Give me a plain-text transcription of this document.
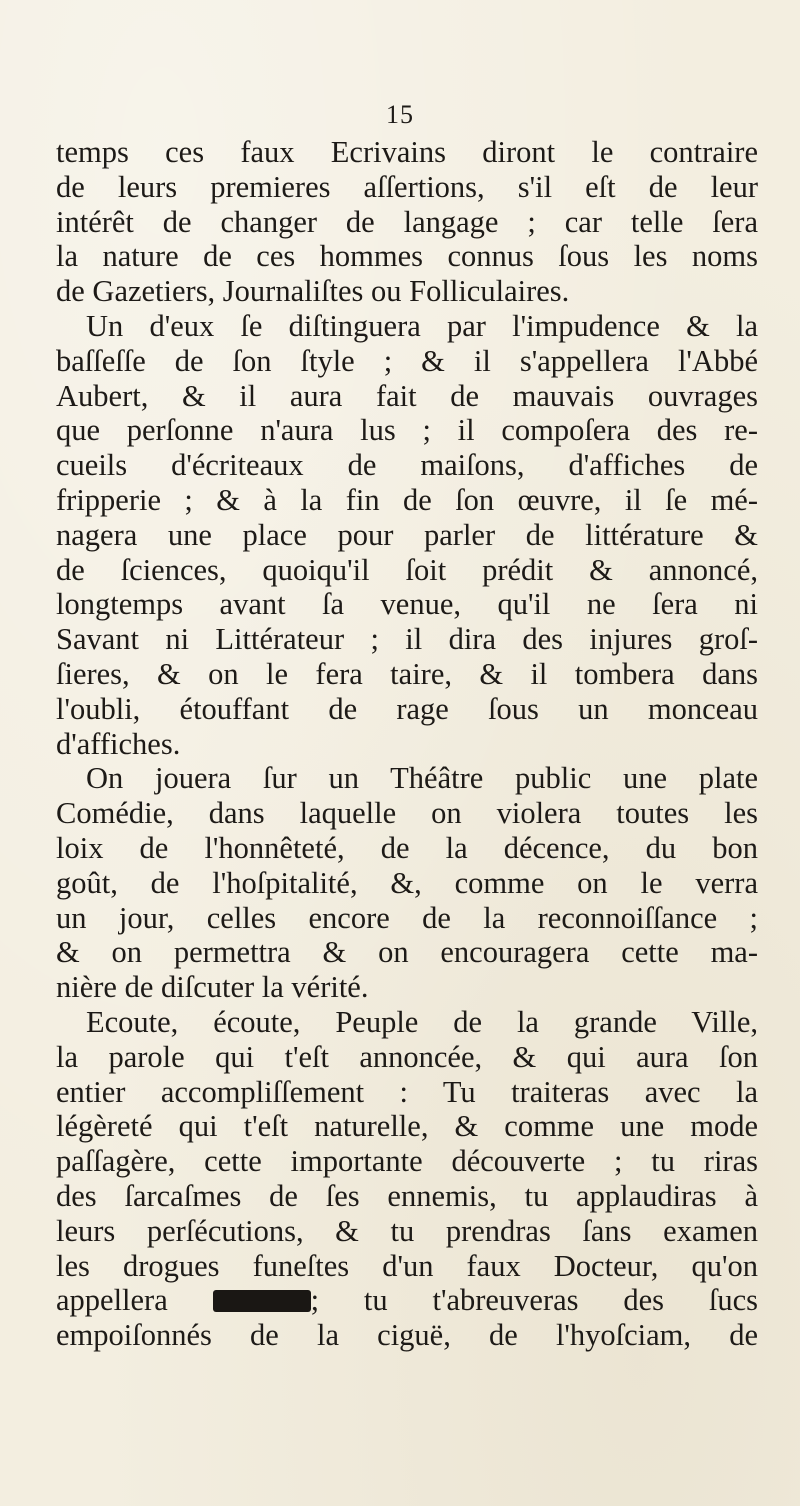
15
temps ces faux Ecrivains diront le contraire
de leurs premieres aſſertions, s'il eſt de leur
intérêt de changer de langage ; car telle ſera
la nature de ces hommes connus ſous les noms
de Gazetiers, Journaliſtes ou Folliculaires.
Un d'eux ſe diſtinguera par l'impudence & la
baſſeſſe de ſon ſtyle ; & il s'appellera l'Abbé
Aubert, & il aura fait de mauvais ouvrages
que perſonne n'aura lus ; il compoſera des re-
cueils d'écriteaux de maiſons, d'affiches de
fripperie ; & à la fin de ſon œuvre, il ſe mé-
nagera une place pour parler de littérature &
de ſciences, quoiqu'il ſoit prédit & annoncé,
longtemps avant ſa venue, qu'il ne ſera ni
Savant ni Littérateur ; il dira des injures groſ-
ſieres, & on le fera taire, & il tombera dans
l'oubli, étouffant de rage ſous un monceau
d'affiches.
On jouera ſur un Théâtre public une plate
Comédie, dans laquelle on violera toutes les
loix de l'honnêteté, de la décence, du bon
goût, de l'hoſpitalité, &, comme on le verra
un jour, celles encore de la reconnoiſſance ;
& on permettra & on encouragera cette ma-
nière de diſcuter la vérité.
Ecoute, écoute, Peuple de la grande Ville,
la parole qui t'eſt annoncée, & qui aura ſon
entier accompliſſement : Tu traiteras avec la
légèreté qui t'eſt naturelle, & comme une mode
paſſagère, cette importante découverte ; tu riras
des ſarcaſmes de ſes ennemis, tu applaudiras à
leurs perſécutions, & tu prendras ſans examen
les drogues funeſtes d'un faux Docteur, qu'on
appellera	; tu t'abreuveras des ſucs
empoiſonnés de la ciguë, de l'hyoſciam, de
